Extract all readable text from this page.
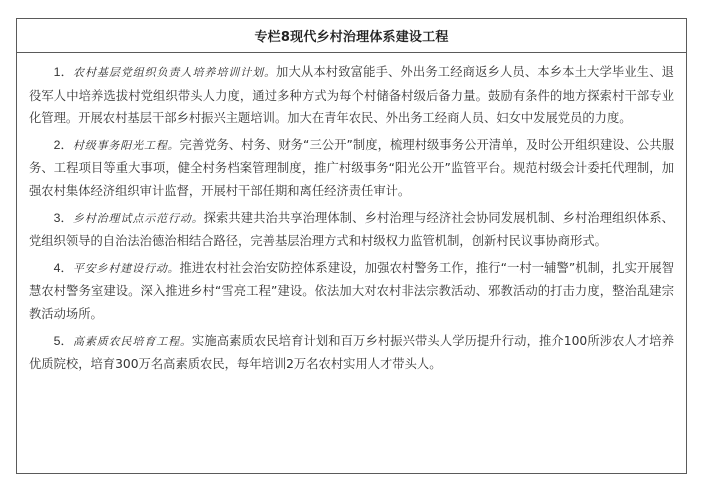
专栏8现代乡村治理体系建设工程

1．农村基层党组织负责人培养培训计划。加大从本村致富能手、外出务工经商返乡人员、本乡本土大学毕业生、退役军人中培养选拔村党组织带头人力度，通过多种方式为每个村储备村级后备力量。鼓励有条件的地方探索村干部专业化管理。开展农村基层干部乡村振兴主题培训。加大在青年农民、外出务工经商人员、妇女中发展党员的力度。

2．村级事务阳光工程。完善党务、村务、财务“三公开”制度，梳理村级事务公开清单，及时公开组织建设、公共服务、工程项目等重大事项，健全村务档案管理制度，推广村级事务“阳光公开”监管平台。规范村级会计委托代理制，加强农村集体经济组织审计监督，开展村干部任期和离任经济责任审计。

3．乡村治理试点示范行动。探索共建共治共享治理体制、乡村治理与经济社会协同发展机制、乡村治理组织体系、党组织领导的自治法治德治相结合路径，完善基层治理方式和村级权力监管机制，创新村民议事协商形式。

4．平安乡村建设行动。推进农村社会治安防控体系建设，加强农村警务工作，推行“一村一辅警”机制，扎实开展智慧农村警务室建设。深入推进乡村“雪亮工程”建设。依法加大对农村非法宗教活动、邪教活动的打击力度，整治乱建宗教活动场所。

5．高素质农民培育工程。实施高素质农民培育计划和百万乡村振兴带头人学历提升行动，推介100所涉农人才培养优质院校，培育300万名高素质农民，每年培训2万名农村实用人才带头人。
